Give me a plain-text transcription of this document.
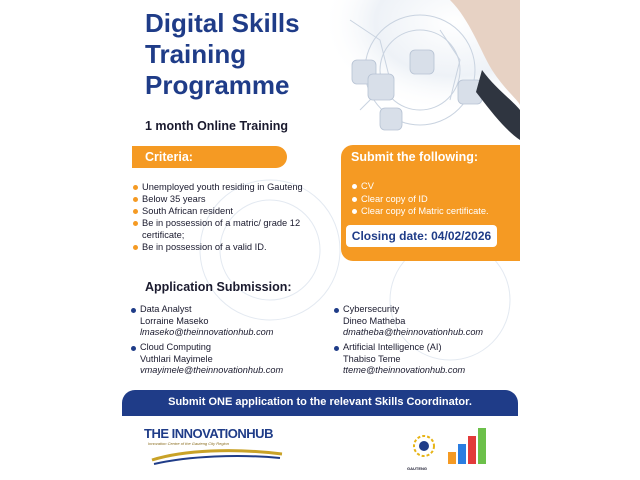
Digital Skills
Training
Programme
1 month Online Training
Criteria:
Unemployed youth residing in Gauteng
Below 35 years
South African resident
Be in possession of a matric/ grade 12 certificate;
Be in possession of a valid ID.
Submit the following:
CV
Clear copy of ID
Clear copy of Matric certificate.
Closing date: 04/02/2026
Application Submission:
Data Analyst
Lorraine Maseko
lmaseko@theinnovationhub.com
Cybersecurity
Dineo Matheba
dmatheba@theinnovationhub.com
Cloud Computing
Vuthlari Mayimele
vmayimele@theinnovationhub.com
Artificial Intelligence (AI)
Thabiso Teme
tteme@theinnovationhub.com
Submit ONE application to the relevant Skills Coordinator.
THE INNOVATIONHUB
Innovation Centre of the Gauteng City Region
GAUTENG
